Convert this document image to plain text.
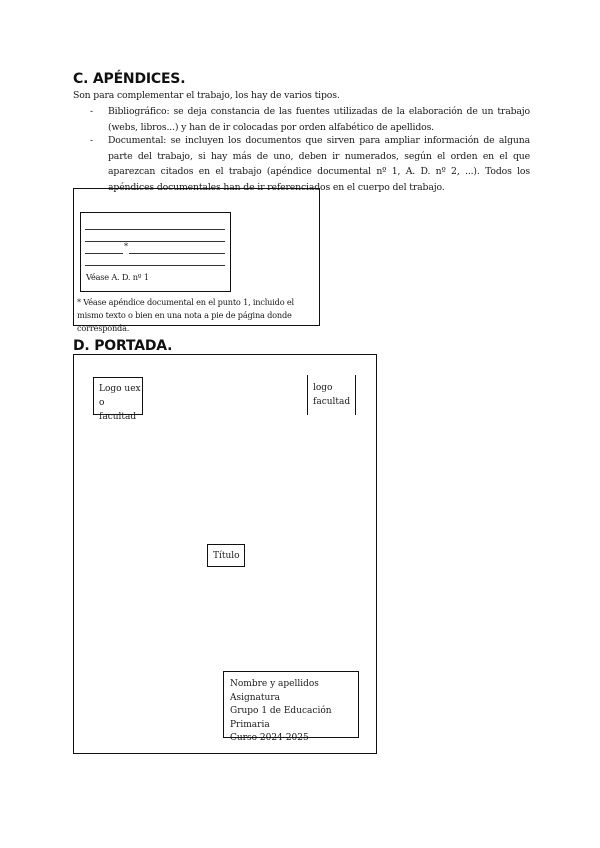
C. APÉNDICES.
Son para complementar el trabajo, los hay de varios tipos.
- Bibliográfico: se deja constancia de las fuentes utilizadas de la elaboración de un trabajo (webs, libros...) y han de ir colocadas por orden alfabético de apellidos.
- Documental: se incluyen los documentos que sirven para ampliar información de alguna parte del trabajo, si hay más de uno, deben ir numerados, según el orden en el que aparezcan citados en el trabajo (apéndice documental nº 1, A. D. nº 2, ...). Todos los apéndices documentales han de ir referenciados en el cuerpo del trabajo.
*
Véase A. D. nº 1
* Véase apéndice documental en el punto 1, incluido el mismo texto o bien en una nota a pie de página donde corresponda.
D. PORTADA.
Logo uex o facultad
logo facultad
Título
Nombre y apellidos
Asignatura
Grupo 1 de Educación Primaria
Curso 2024-2025
